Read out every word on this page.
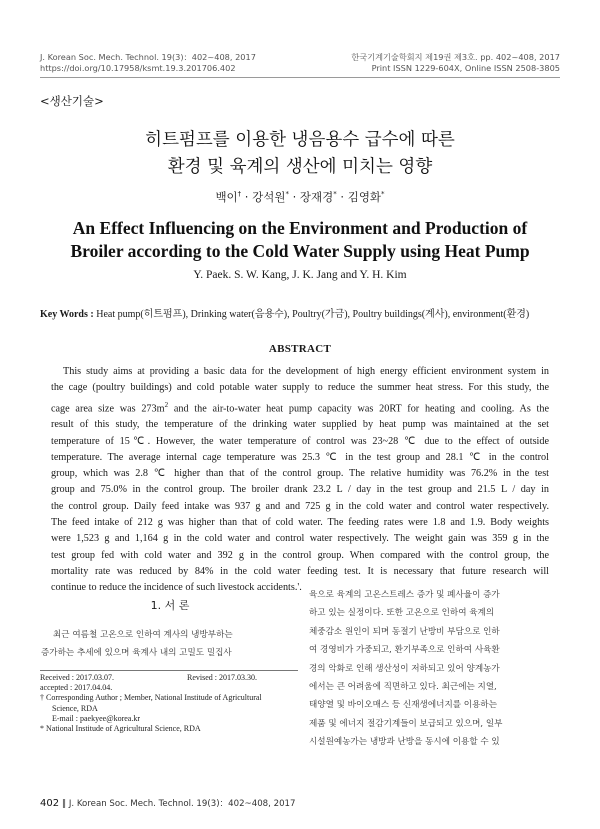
J. Korean Soc. Mech. Technol. 19(3)：402~408, 2017
https://doi.org/10.17958/ksmt.19.3.201706.402
한국기계기술학회지 제19권 제3호. pp. 402~408, 2017
Print ISSN 1229-604X, Online ISSN 2508-3805
<생산기술>
히트펌프를 이용한 냉음용수 급수에 따른
환경 및 육계의 생산에 미치는 영향
백이† · 강석원* · 장재경* · 김영화*
An Effect Influencing on the Environment and Production of
Broiler according to the Cold Water Supply using Heat Pump
Y. Paek. S. W. Kang, J. K. Jang and Y. H. Kim
Key Words : Heat pump(히트펌프), Drinking water(음용수), Poultry(가금), Poultry buildings(계사), environment(환경)
ABSTRACT
This study aims at providing a basic data for the development of high energy efficient environment system in
the cage (poultry buildings) and cold potable water supply to reduce the summer heat stress. For this study, the
cage area size was $273m^2$ and the air-to-water heat pump capacity was 20RT for heating and cooling. As the
result of this study, the temperature of the drinking water supplied by heat pump was maintained at the set
temperature of 15℃. However, the water temperature of control was 23~28 ℃ due to the effect of outside
temperature. The average internal cage temperature was 25.3 ℃ in the test group and 28.1 ℃ in the control
group, which was 2.8 ℃ higher than that of the control group. The relative humidity was 76.2% in the test
group and 75.0% in the control group. The broiler drank 23.2 L / day in the test group and 21.5 L / day in
the control group. Daily feed intake was 937 g and and 725 g in the cold water and control water respectively.
The feed intake of 212 g was higher than that of cold water. The feeding rates were 1.8 and 1.9. Body weights
were 1,523 g and 1,164 g in the cold water and control water respectively. The weight gain was 359 g in the
test group fed with cold water and 392 g in the control group. When compared with the control group, the
mortality rate was reduced by 84% in the cold water feeding test. It is necessary that future research will
continue to reduce the incidence of such livestock accidents.'.
1. 서 론
최근 여름철 고온으로 인하여 계사의 냉방부하는
증가하는 추세에 있으며 육계사 내의 고밀도 밀집사
Received : 2017.03.07.	Revised : 2017.03.30.
accepted : 2017.04.04.
† Corresponding Author ; Member, National Institude of Agricultural
Science, RDA
E-mail : paekyee@korea.kr
* National Institude of Agricultural Science, RDA
육으로 육계의 고온스트레스 증가 및 폐사율이 증가
하고 있는 실정이다. 또한 고온으로 인하여 육계의
체중감소 원인이 되며 동절기 난방비 부담으로 인하
여 경영비가 가중되고, 환기부족으로 인하여 사육환
경의 악화로 인해 생산성이 저하되고 있어 양계농가
에서는 큰 어려움에 직면하고 있다. 최근에는 지열,
태양열 및 바이오매스 등 신재생에너지를 이용하는
제품 및 에너지 절감기계들이 보급되고 있으며, 일부
시설원예농가는 냉방과 난방을 동시에 이용할 수 있
402 ‖ J. Korean Soc. Mech. Technol. 19(3)：402~408, 2017
